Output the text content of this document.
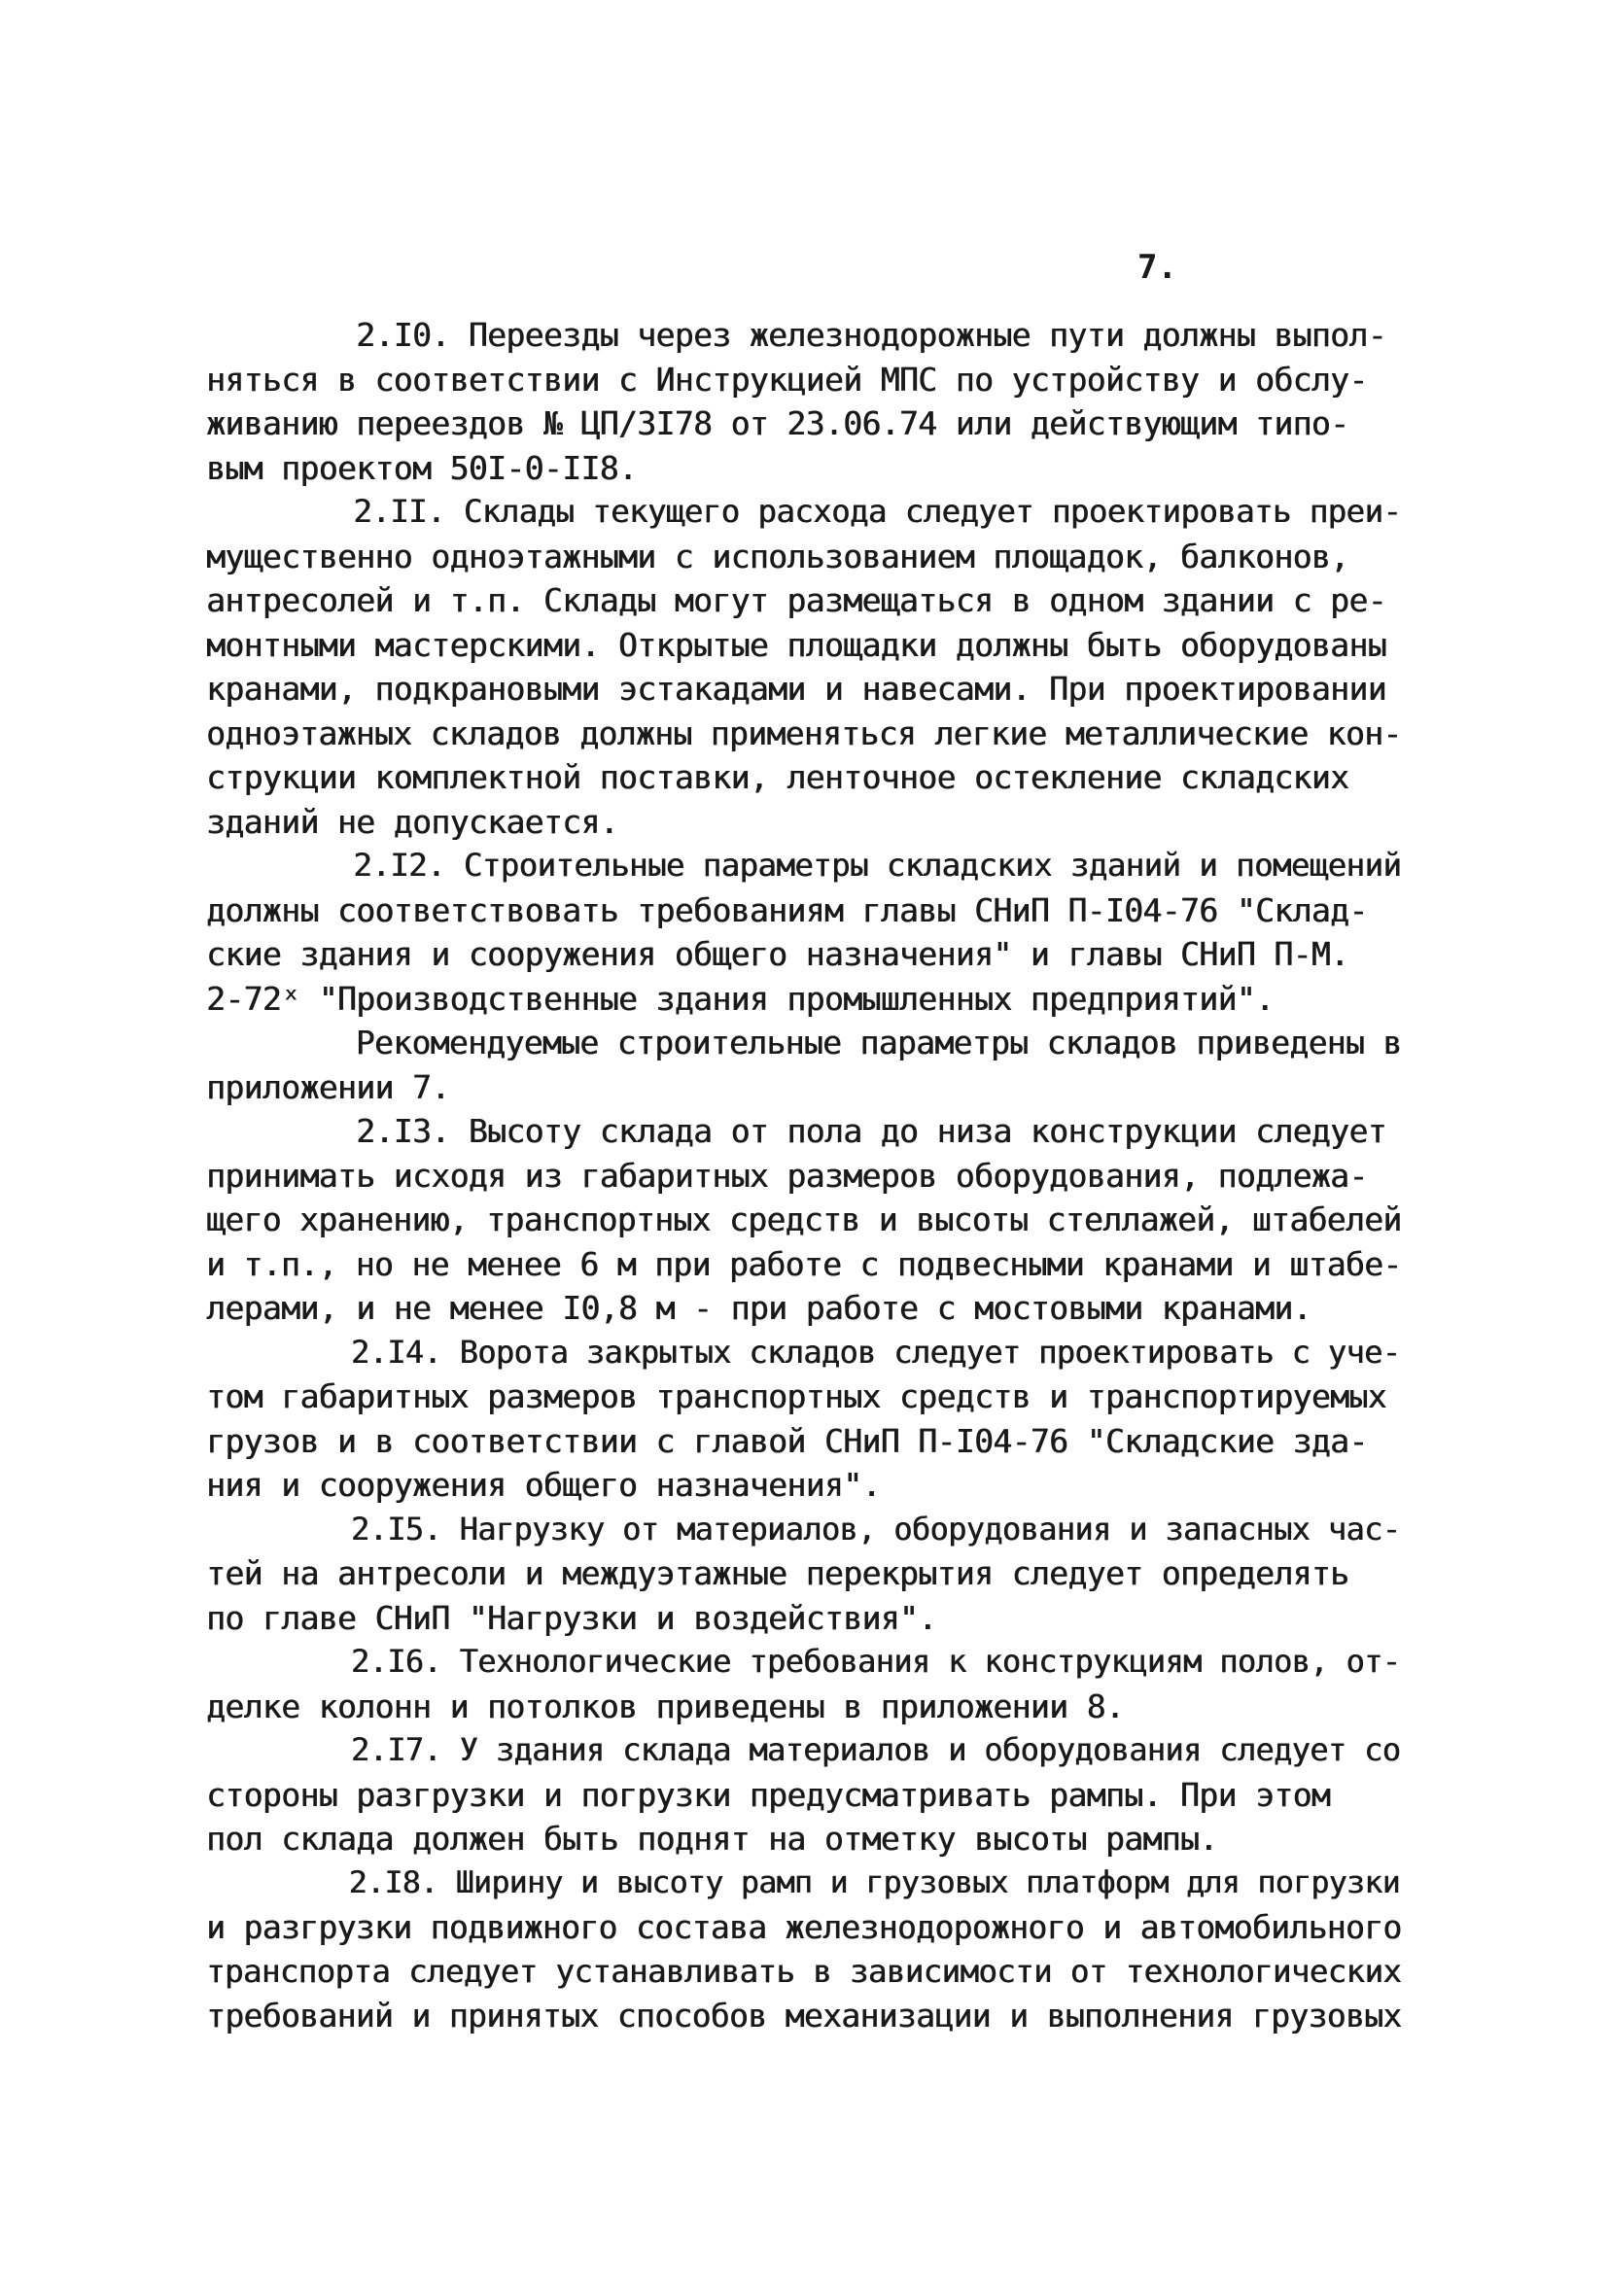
7.
2.I0. Переезды через железнодорожные пути должны выпол-
няться в соответствии с Инструкцией МПС по устройству и обслу-
живанию переездов № ЦП/3I78 от 23.06.74 или действующим типо-
вым проектом 50I-0-II8.
2.II. Склады текущего расхода следует проектировать преи-
мущественно одноэтажными с использованием площадок, балконов,
антресолей и т.п. Склады могут размещаться в одном здании с ре-
монтными мастерскими. Открытые площадки должны быть оборудованы
кранами, подкрановыми эстакадами и навесами. При проектировании
одноэтажных складов должны применяться легкие металлические кон-
струкции комплектной поставки, ленточное остекление складских
зданий не допускается.
2.I2. Строительные параметры складских зданий и помещений
должны соответствовать требованиям главы СНиП П-I04-76 "Склад-
ские здания и сооружения общего назначения" и главы СНиП П-М.
2-72ˣ "Производственные здания промышленных предприятий".
Рекомендуемые строительные параметры складов приведены в
приложении 7.
2.I3. Высоту склада от пола до низа конструкции следует
принимать исходя из габаритных размеров оборудования, подлежа-
щего хранению, транспортных средств и высоты стеллажей, штабелей
и т.п., но не менее 6 м при работе с подвесными кранами и штабе-
лерами, и не менее I0,8 м - при работе с мостовыми кранами.
2.I4. Ворота закрытых складов следует проектировать с уче-
том габаритных размеров транспортных средств и транспортируемых
грузов и в соответствии с главой СНиП П-I04-76 "Складские зда-
ния и сооружения общего назначения".
2.I5. Нагрузку от материалов, оборудования и запасных час-
тей на антресоли и междуэтажные перекрытия следует определять
по главе СНиП "Нагрузки и воздействия".
2.I6. Технологические требования к конструкциям полов, от-
делке колонн и потолков приведены в приложении 8.
2.I7. У здания склада материалов и оборудования следует со
стороны разгрузки и погрузки предусматривать рампы. При этом
пол склада должен быть поднят на отметку высоты рампы.
2.I8. Ширину и высоту рамп и грузовых платформ для погрузки
и разгрузки подвижного состава железнодорожного и автомобильного
транспорта следует устанавливать в зависимости от технологических
требований и принятых способов механизации и выполнения грузовых
